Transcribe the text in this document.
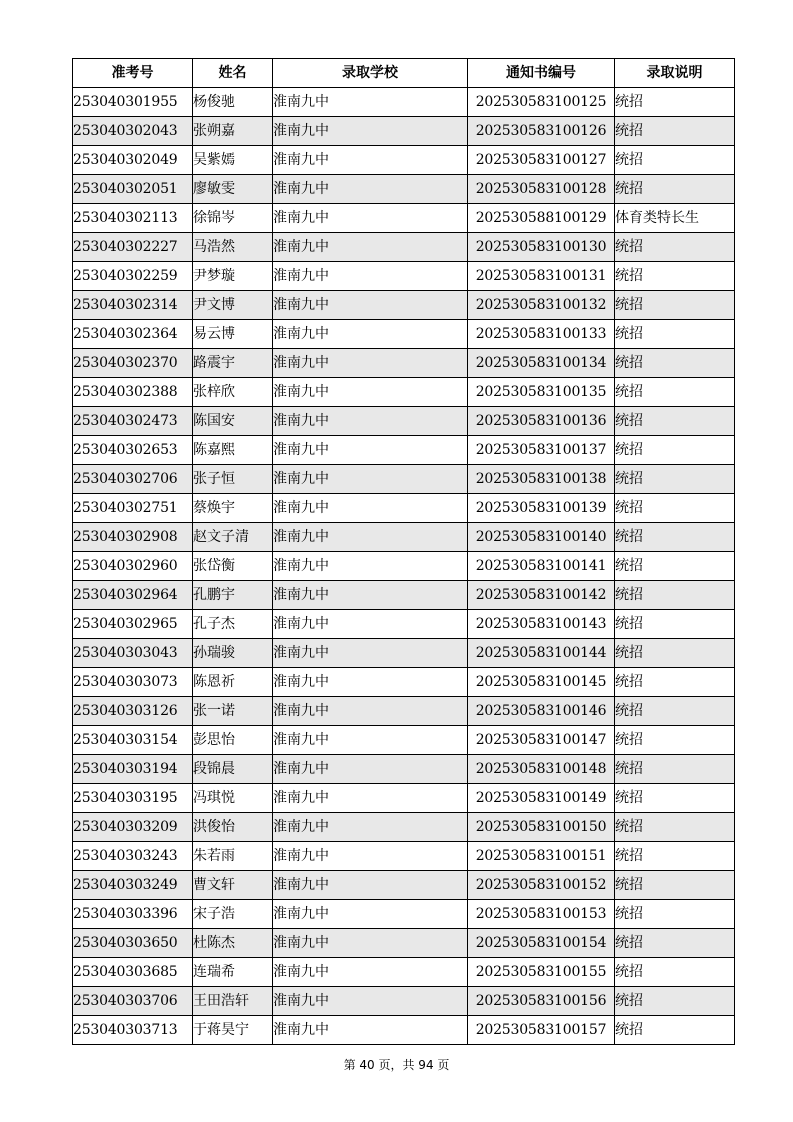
准考号	姓名	录取学校	通知书编号	录取说明
253040301955	杨俊驰	淮南九中	202530583100125	统招
253040302043	张朔嘉	淮南九中	202530583100126	统招
253040302049	吴紫嫣	淮南九中	202530583100127	统招
253040302051	廖敏雯	淮南九中	202530583100128	统招
253040302113	徐锦岑	淮南九中	202530588100129	体育类特长生
253040302227	马浩然	淮南九中	202530583100130	统招
253040302259	尹梦璇	淮南九中	202530583100131	统招
253040302314	尹文博	淮南九中	202530583100132	统招
253040302364	易云博	淮南九中	202530583100133	统招
253040302370	路震宇	淮南九中	202530583100134	统招
253040302388	张梓欣	淮南九中	202530583100135	统招
253040302473	陈国安	淮南九中	202530583100136	统招
253040302653	陈嘉熙	淮南九中	202530583100137	统招
253040302706	张子恒	淮南九中	202530583100138	统招
253040302751	蔡焕宇	淮南九中	202530583100139	统招
253040302908	赵文子清	淮南九中	202530583100140	统招
253040302960	张岱衡	淮南九中	202530583100141	统招
253040302964	孔鹏宇	淮南九中	202530583100142	统招
253040302965	孔子杰	淮南九中	202530583100143	统招
253040303043	孙瑞骏	淮南九中	202530583100144	统招
253040303073	陈恩祈	淮南九中	202530583100145	统招
253040303126	张一诺	淮南九中	202530583100146	统招
253040303154	彭思怡	淮南九中	202530583100147	统招
253040303194	段锦晨	淮南九中	202530583100148	统招
253040303195	冯琪悦	淮南九中	202530583100149	统招
253040303209	洪俊怡	淮南九中	202530583100150	统招
253040303243	朱若雨	淮南九中	202530583100151	统招
253040303249	曹文轩	淮南九中	202530583100152	统招
253040303396	宋子浩	淮南九中	202530583100153	统招
253040303650	杜陈杰	淮南九中	202530583100154	统招
253040303685	连瑞希	淮南九中	202530583100155	统招
253040303706	王田浩轩	淮南九中	202530583100156	统招
253040303713	于蒋昊宁	淮南九中	202530583100157	统招
第 40 页，共 94 页
